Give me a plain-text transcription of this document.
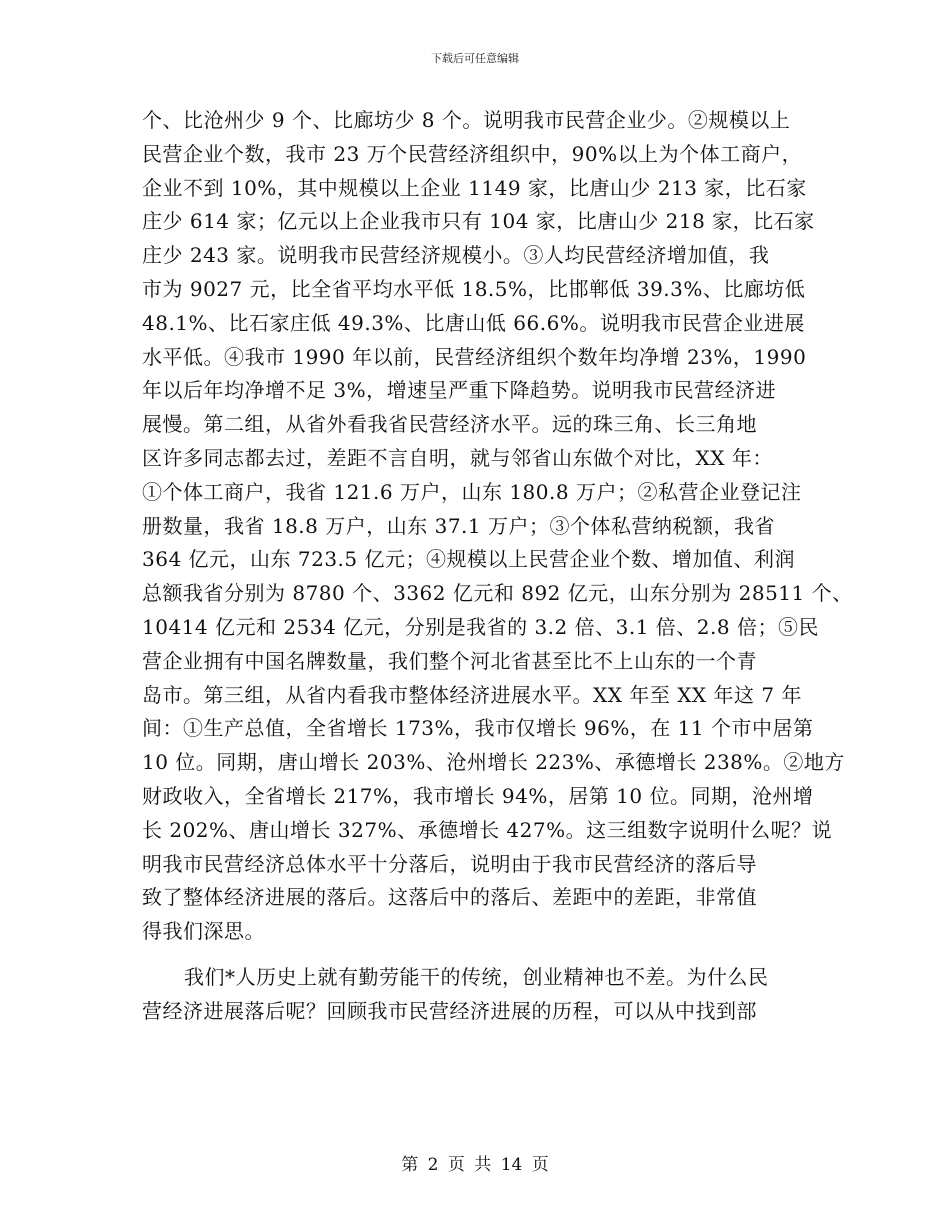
下载后可任意编辑

个、比沧州少 9 个、比廊坊少 8 个。说明我市民营企业少。②规模以上
民营企业个数，我市 23 万个民营经济组织中，90%以上为个体工商户，
企业不到 10%，其中规模以上企业 1149 家，比唐山少 213 家，比石家
庄少 614 家；亿元以上企业我市只有 104 家，比唐山少 218 家，比石家
庄少 243 家。说明我市民营经济规模小。③人均民营经济增加值，我
市为 9027 元，比全省平均水平低 18.5%，比邯郸低 39.3%、比廊坊低
48.1%、比石家庄低 49.3%、比唐山低 66.6%。说明我市民营企业进展
水平低。④我市 1990 年以前，民营经济组织个数年均净增 23%，1990
年以后年均净增不足 3%，增速呈严重下降趋势。说明我市民营经济进
展慢。第二组，从省外看我省民营经济水平。远的珠三角、长三角地
区许多同志都去过，差距不言自明，就与邻省山东做个对比，XX 年：
①个体工商户，我省 121.6 万户，山东 180.8 万户；②私营企业登记注
册数量，我省 18.8 万户，山东 37.1 万户；③个体私营纳税额，我省
364 亿元，山东 723.5 亿元；④规模以上民营企业个数、增加值、利润
总额我省分别为 8780 个、3362 亿元和 892 亿元，山东分别为 28511 个、
10414 亿元和 2534 亿元，分别是我省的 3.2 倍、3.1 倍、2.8 倍；⑤民
营企业拥有中国名牌数量，我们整个河北省甚至比不上山东的一个青
岛市。第三组，从省内看我市整体经济进展水平。XX 年至 XX 年这 7 年
间：①生产总值，全省增长 173%，我市仅增长 96%，在 11 个市中居第
10 位。同期，唐山增长 203%、沧州增长 223%、承德增长 238%。②地方
财政收入，全省增长 217%，我市增长 94%，居第 10 位。同期，沧州增
长 202%、唐山增长 327%、承德增长 427%。这三组数字说明什么呢？说
明我市民营经济总体水平十分落后，说明由于我市民营经济的落后导
致了整体经济进展的落后。这落后中的落后、差距中的差距，非常值
得我们深思。

我们*人历史上就有勤劳能干的传统，创业精神也不差。为什么民
营经济进展落后呢？回顾我市民营经济进展的历程，可以从中找到部

第 2 页 共 14 页
